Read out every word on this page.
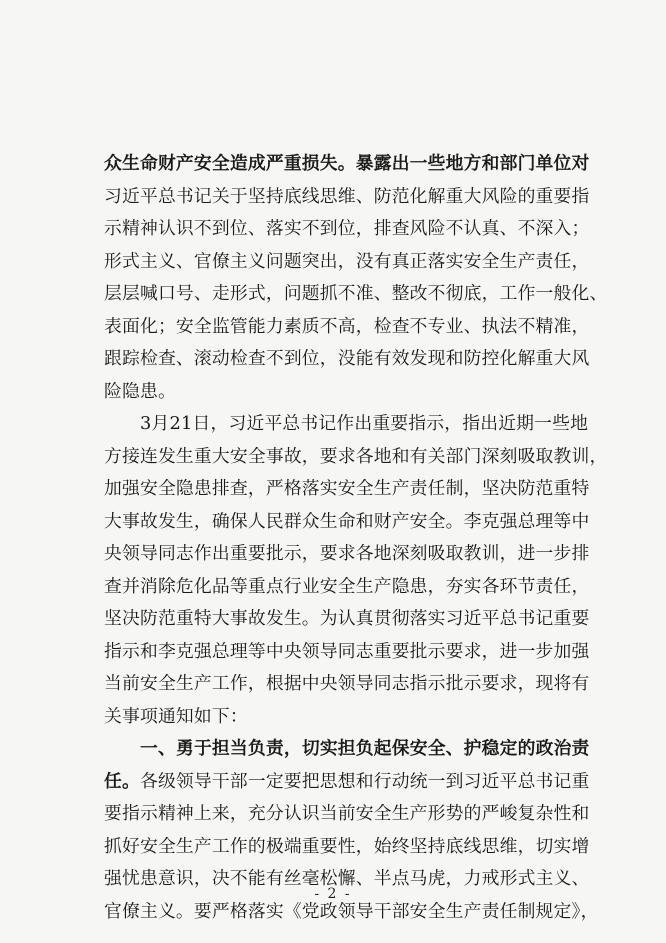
众生命财产安全造成严重损失。暴露出一些地方和部门单位对
习近平总书记关于坚持底线思维、防范化解重大风险的重要指
示精神认识不到位、落实不到位，排查风险不认真、不深入；
形式主义、官僚主义问题突出，没有真正落实安全生产责任，
层层喊口号、走形式，问题抓不准、整改不彻底，工作一般化、
表面化；安全监管能力素质不高，检查不专业、执法不精准，
跟踪检查、滚动检查不到位，没能有效发现和防控化解重大风
险隐患。
3月21日，习近平总书记作出重要指示，指出近期一些地
方接连发生重大安全事故，要求各地和有关部门深刻吸取教训，
加强安全隐患排查，严格落实安全生产责任制，坚决防范重特
大事故发生，确保人民群众生命和财产安全。李克强总理等中
央领导同志作出重要批示，要求各地深刻吸取教训，进一步排
查并消除危化品等重点行业安全生产隐患，夯实各环节责任，
坚决防范重特大事故发生。为认真贯彻落实习近平总书记重要
指示和李克强总理等中央领导同志重要批示要求，进一步加强
当前安全生产工作，根据中央领导同志指示批示要求，现将有
关事项通知如下：
一、勇于担当负责，切实担负起保安全、护稳定的政治责
任。各级领导干部一定要把思想和行动统一到习近平总书记重
要指示精神上来，充分认识当前安全生产形势的严峻复杂性和
抓好安全生产工作的极端重要性，始终坚持底线思维，切实增
强忧患意识，决不能有丝毫松懈、半点马虎，力戒形式主义、
官僚主义。要严格落实《党政领导干部安全生产责任制规定》，
- 2 -
